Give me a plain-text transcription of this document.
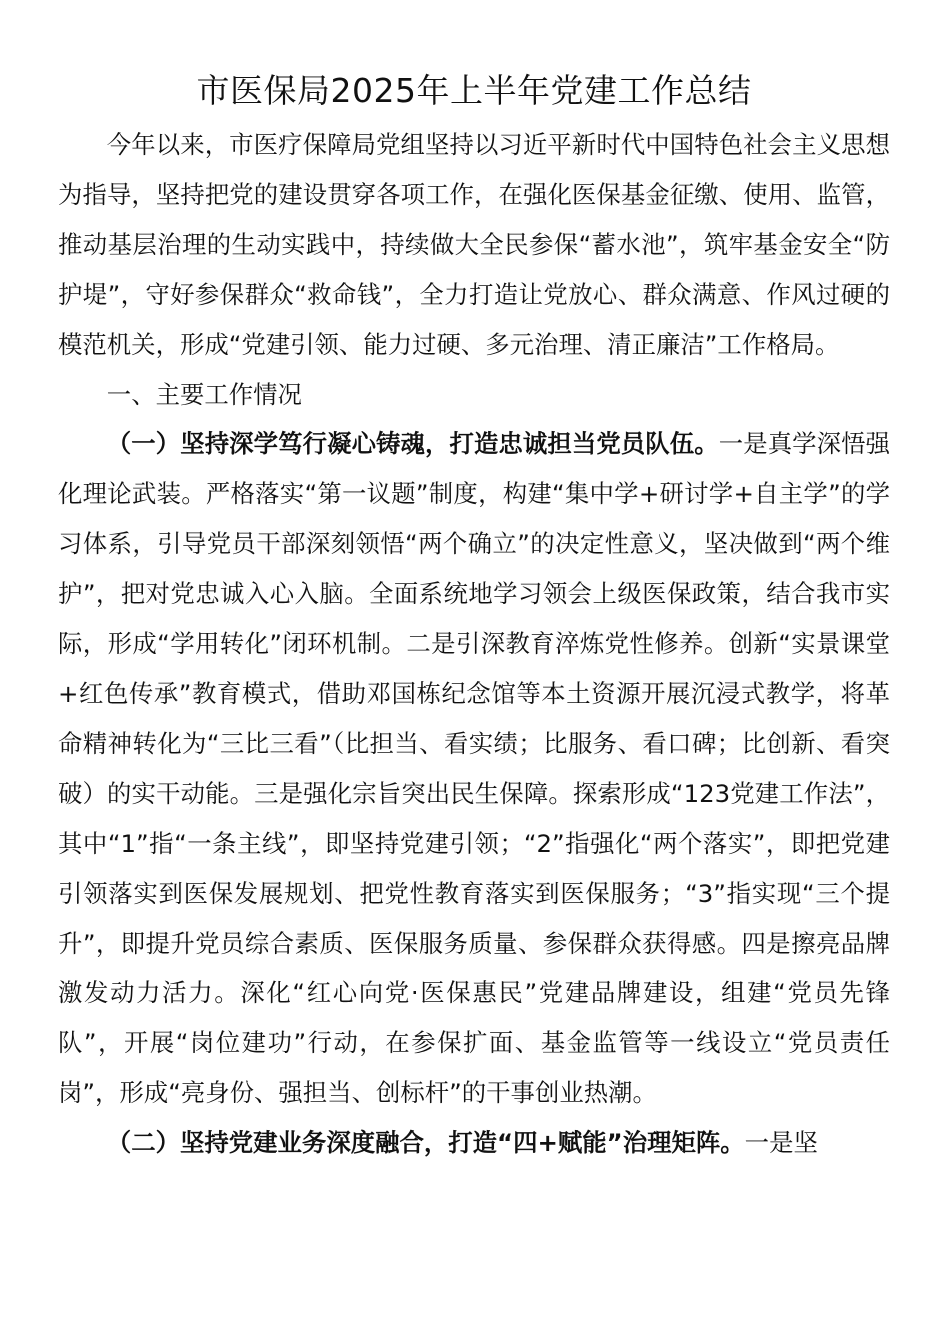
市医保局2025年上半年党建工作总结

今年以来，市医疗保障局党组坚持以习近平新时代中国特色社会主义思想为指导，坚持把党的建设贯穿各项工作，在强化医保基金征缴、使用、监管，推动基层治理的生动实践中，持续做大全民参保“蓄水池”，筑牢基金安全“防护堤”，守好参保群众“救命钱”，全力打造让党放心、群众满意、作风过硬的模范机关，形成“党建引领、能力过硬、多元治理、清正廉洁”工作格局。

一、主要工作情况

（一）坚持深学笃行凝心铸魂，打造忠诚担当党员队伍。一是真学深悟强化理论武装。严格落实“第一议题”制度，构建“集中学+研讨学+自主学”的学习体系，引导党员干部深刻领悟“两个确立”的决定性意义，坚决做到“两个维护”，把对党忠诚入心入脑。全面系统地学习领会上级医保政策，结合我市实际，形成“学用转化”闭环机制。二是引深教育淬炼党性修养。创新“实景课堂+红色传承”教育模式，借助邓国栋纪念馆等本土资源开展沉浸式教学，将革命精神转化为“三比三看”（比担当、看实绩；比服务、看口碑；比创新、看突破）的实干动能。三是强化宗旨突出民生保障。探索形成“123党建工作法”，其中“1”指“一条主线”，即坚持党建引领；“2”指强化“两个落实”，即把党建引领落实到医保发展规划、把党性教育落实到医保服务；“3”指实现“三个提升”，即提升党员综合素质、医保服务质量、参保群众获得感。四是擦亮品牌激发动力活力。深化“红心向党·医保惠民”党建品牌建设，组建“党员先锋队”，开展“岗位建功”行动，在参保扩面、基金监管等一线设立“党员责任岗”，形成“亮身份、强担当、创标杆”的干事创业热潮。

（二）坚持党建业务深度融合，打造“四+赋能”治理矩阵。一是坚
